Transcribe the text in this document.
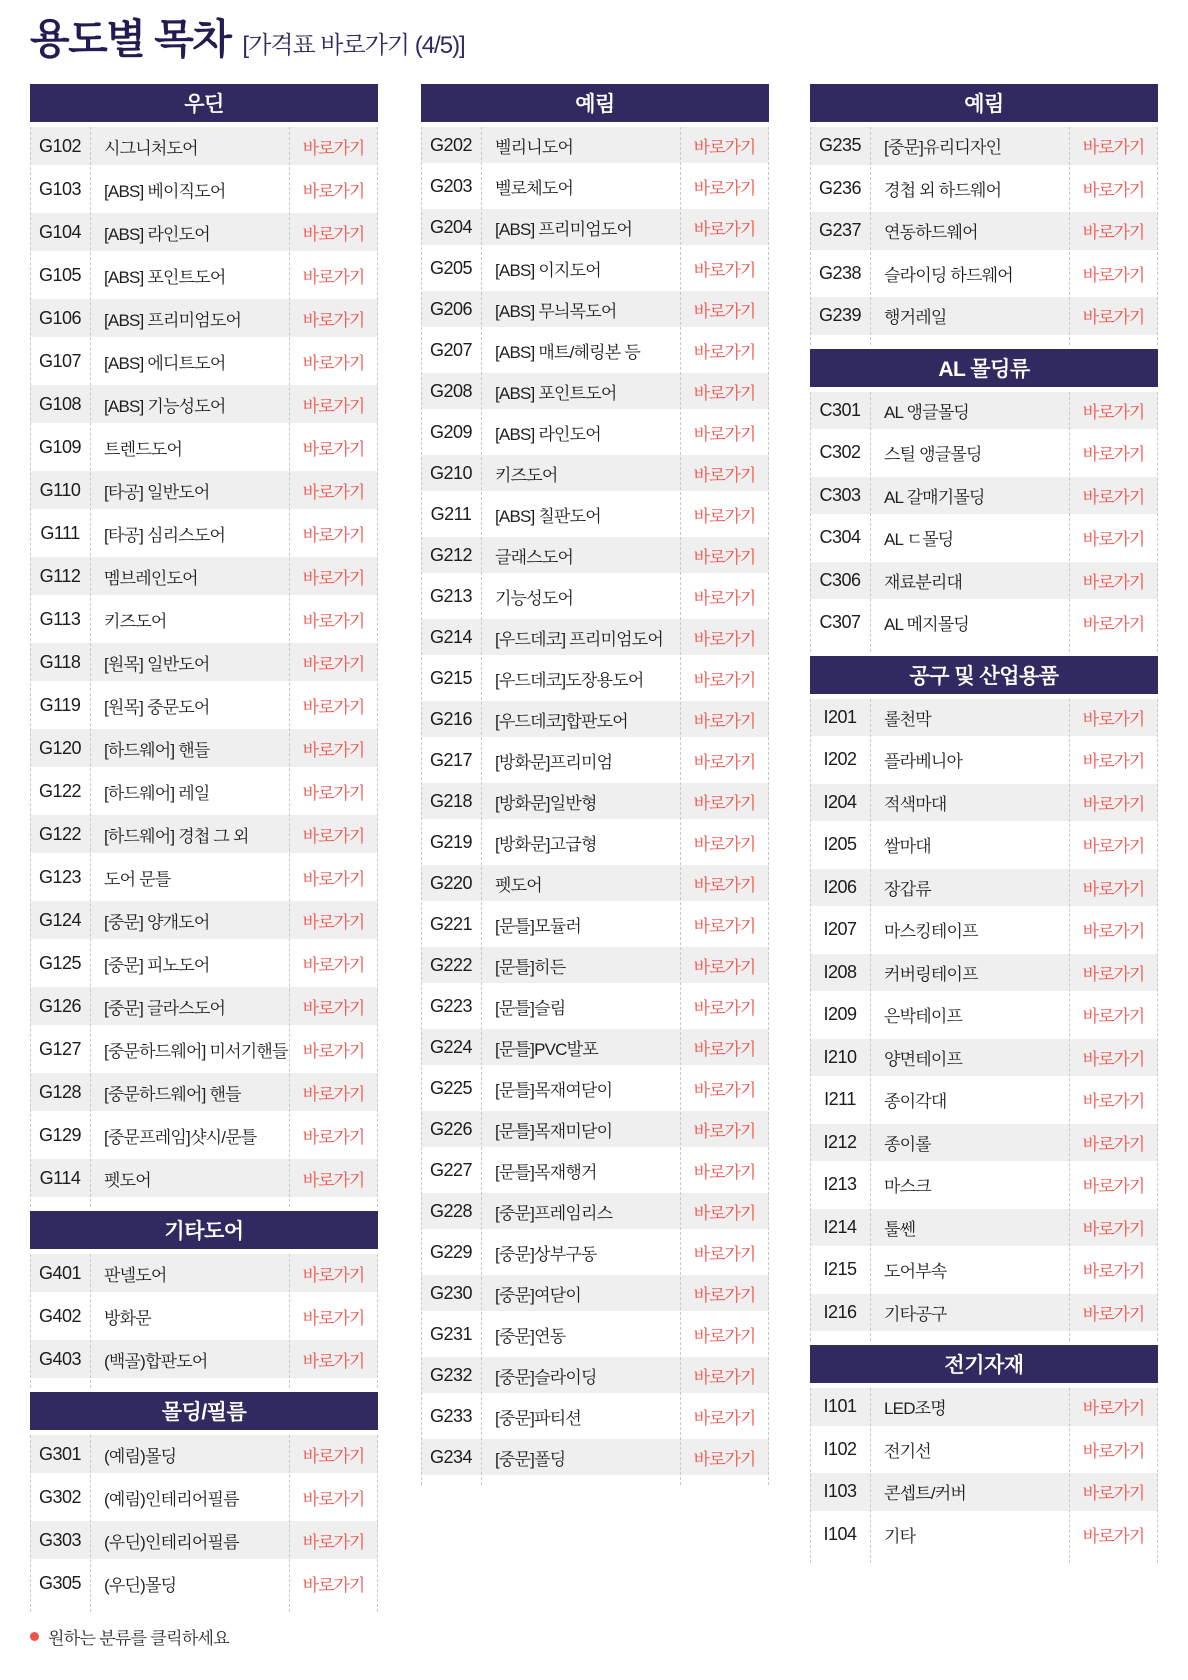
용도별 목차 [가격표 바로가기 (4/5)]
우딘
G102	시그니처도어	바로가기
G103	[ABS] 베이직도어	바로가기
G104	[ABS] 라인도어	바로가기
G105	[ABS] 포인트도어	바로가기
G106	[ABS] 프리미엄도어	바로가기
G107	[ABS] 에디트도어	바로가기
G108	[ABS] 기능성도어	바로가기
G109	트렌드도어	바로가기
G110	[타공] 일반도어	바로가기
G111	[타공] 심리스도어	바로가기
G112	멤브레인도어	바로가기
G113	키즈도어	바로가기
G118	[원목] 일반도어	바로가기
G119	[원목] 중문도어	바로가기
G120	[하드웨어] 핸들	바로가기
G122	[하드웨어] 레일	바로가기
G122	[하드웨어] 경첩 그 외	바로가기
G123	도어 문틀	바로가기
G124	[중문] 양개도어	바로가기
G125	[중문] 피노도어	바로가기
G126	[중문] 글라스도어	바로가기
G127	[중문하드웨어] 미서기핸들 바로가기
G128	[중문하드웨어] 핸들	바로가기
G129	[중문프레임]샷시/문틀	바로가기
G114	펫도어	바로가기
기타도어
G401	판넬도어	바로가기
G402	방화문	바로가기
G403	(백골)합판도어	바로가기
몰딩/필름
G301	(예림)몰딩	바로가기
G302	(예림)인테리어필름	바로가기
G303	(우딘)인테리어필름	바로가기
G305	(우딘)몰딩	바로가기
예림
G202	벨리니도어	바로가기
G203	벨로체도어	바로가기
G204	[ABS] 프리미엄도어	바로가기
G205	[ABS] 이지도어	바로가기
G206	[ABS] 무늬목도어	바로가기
G207	[ABS] 매트/헤링본 등	바로가기
G208	[ABS] 포인트도어	바로가기
G209	[ABS] 라인도어	바로가기
G210	키즈도어	바로가기
G211	[ABS] 칠판도어	바로가기
G212	글래스도어	바로가기
G213	기능성도어	바로가기
G214	[우드데코] 프리미엄도어	바로가기
G215	[우드데코]도장용도어	바로가기
G216	[우드데코]합판도어	바로가기
G217	[방화문]프리미엄	바로가기
G218	[방화문]일반형	바로가기
G219	[방화문]고급형	바로가기
G220	펫도어	바로가기
G221	[문틀]모듈러	바로가기
G222	[문틀]히든	바로가기
G223	[문틀]슬림	바로가기
G224	[문틀]PVC발포	바로가기
G225	[문틀]목재여닫이	바로가기
G226	[문틀]목재미닫이	바로가기
G227	[문틀]목재행거	바로가기
G228	[중문]프레임리스	바로가기
G229	[중문]상부구동	바로가기
G230	[중문]여닫이	바로가기
G231	[중문]연동	바로가기
G232	[중문]슬라이딩	바로가기
G233	[중문]파티션	바로가기
G234	[중문]폴딩	바로가기
예림
G235	[중문]유리디자인	바로가기
G236	경첩 외 하드웨어	바로가기
G237	연동하드웨어	바로가기
G238	슬라이딩 하드웨어	바로가기
G239	행거레일	바로가기
AL 몰딩류
C301	AL 앵글몰딩	바로가기
C302	스틸 앵글몰딩	바로가기
C303	AL 갈매기몰딩	바로가기
C304	AL ㄷ몰딩	바로가기
C306	재료분리대	바로가기
C307	AL 메지몰딩	바로가기
공구 및 산업용품
I201	롤천막	바로가기
I202	플라베니아	바로가기
I204	적색마대	바로가기
I205	쌀마대	바로가기
I206	장갑류	바로가기
I207	마스킹테이프	바로가기
I208	커버링테이프	바로가기
I209	은박테이프	바로가기
I210	양면테이프	바로가기
I211	종이각대	바로가기
I212	종이롤	바로가기
I213	마스크	바로가기
I214	툴쎈	바로가기
I215	도어부속	바로가기
I216	기타공구	바로가기
전기자재
I101	LED조명	바로가기
I102	전기선	바로가기
I103	콘셉트/커버	바로가기
I104	기타	바로가기
원하는 분류를 클릭하세요
